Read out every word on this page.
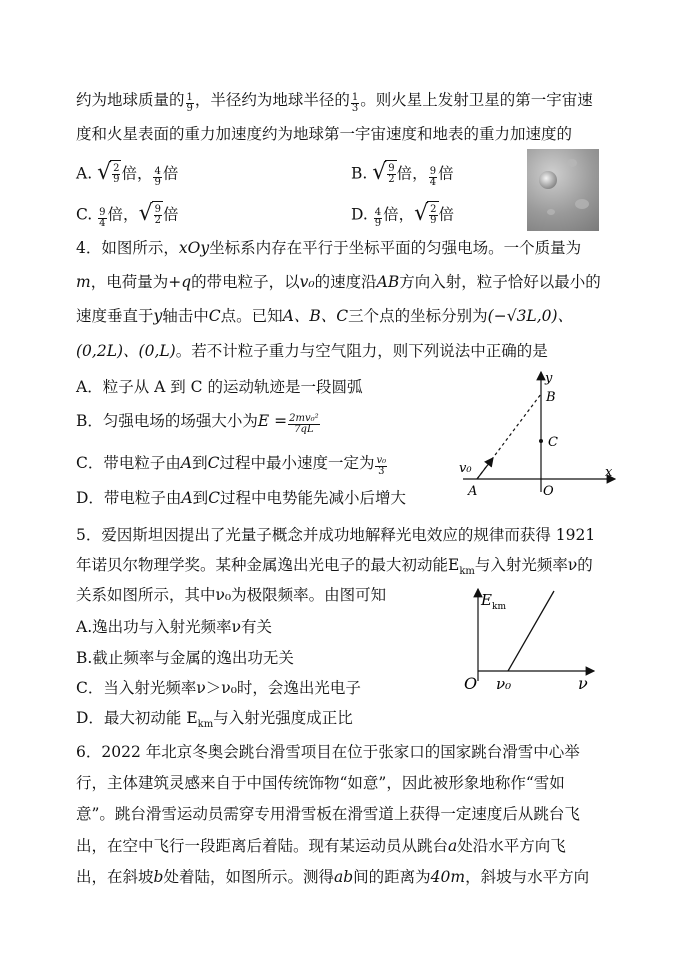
约为地球质量的 $\frac{1}{9}$ ，半径约为地球半径的 $\frac{1}{3}$ 。则火星上发射卫星的第一宇宙速
度和火星表面的重力加速度约为地球第一宇宙速度和地表的重力加速度的
A. √ $\frac{2}{9}$ 倍， $\frac{4}{9}$ 倍	B. √ $\frac{9}{2}$ 倍， $\frac{9}{4}$ 倍
C. $\frac{9}{4}$ 倍， √ $\frac{9}{2}$ 倍	D. $\frac{4}{9}$ 倍， √ $\frac{2}{9}$ 倍
4．如图所示，xOy坐标系内存在平行于坐标平面的匀强电场。一个质量为
m，电荷量为+q的带电粒子，以v₀的速度沿AB方向入射，粒子恰好以最小的
速度垂直于y轴击中C点。已知A、B、C三个点的坐标分别为(−√3L,0)、
(0,2L)、(0,L)。若不计粒子重力与空气阻力，则下列说法中正确的是
A．粒子从 A 到 C 的运动轨迹是一段圆弧
B．匀强电场的场强大小为$E = \frac{\text{2mv₀²}}{7qL}$
C．带电粒子由A到C过程中最小速度一定为 $\frac{\text{v₀}}{3}$
D．带电粒子由A到C过程中电势能先减小后增大
y
x
B
C
O
A
v₀
5．爱因斯坦因提出了光量子概念并成功地解释光电效应的规律而获得 1921
年诺贝尔物理学奖。某种金属逸出光电子的最大初动能$E_{km}$与入射光频率ν的
关系如图所示，其中ν₀为极限频率。由图可知
A.逸出功与入射光频率ν有关
B.截止频率与金属的逸出功无关
C．当入射光频率ν＞ν₀时，会逸出光电子
D．最大初动能 $E_{km}$与入射光强度成正比
E km
O ν₀	ν
6．2022 年北京冬奥会跳台滑雪项目在位于张家口的国家跳台滑雪中心举
行，主体建筑灵感来自于中国传统饰物“如意”，因此被形象地称作“雪如
意”。跳台滑雪运动员需穿专用滑雪板在滑雪道上获得一定速度后从跳台飞
出，在空中飞行一段距离后着陆。现有某运动员从跳台a处沿水平方向飞
出，在斜坡b处着陆，如图所示。测得ab间的距离为40m，斜坡与水平方向
